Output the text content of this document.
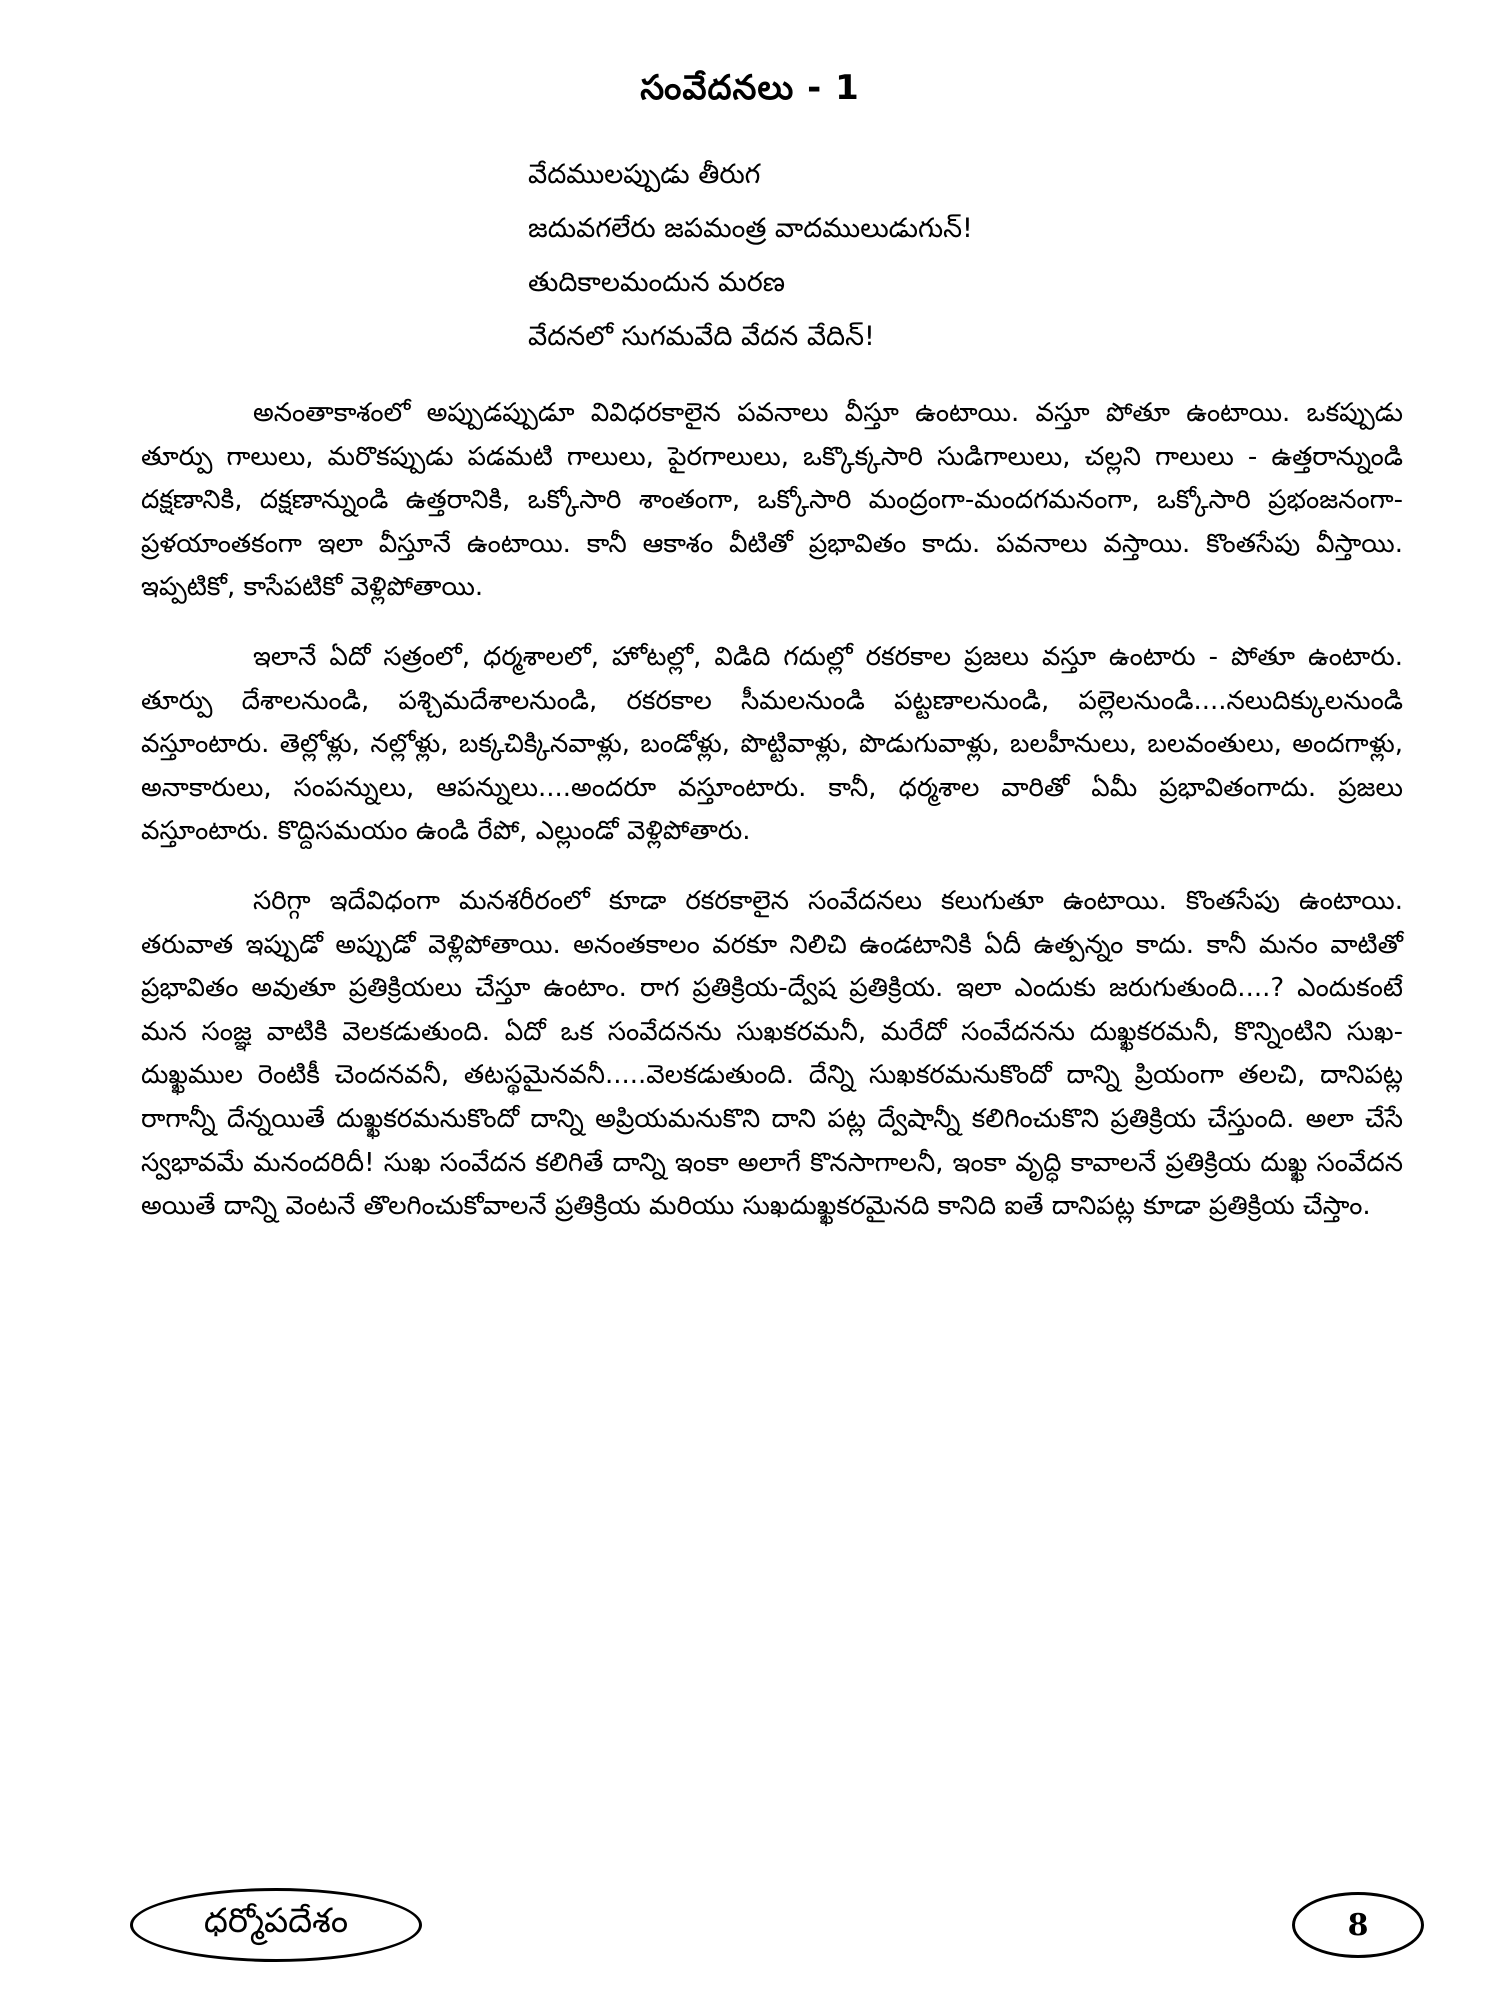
సంవేదనలు - 1
వేదములప్పుడు తీరుగ
జదువగలేరు జపమంత్ర వాదములుడుగున్!
తుదికాలమందున మరణ
వేదనలో సుగమవేది వేదన వేదిన్!

అనంతాకాశంలో అప్పుడప్పుడూ వివిధరకాలైన పవనాలు వీస్తూ ఉంటాయి. వస్తూ పోతూ ఉంటాయి. ఒకప్పుడు తూర్పు గాలులు, మరొకప్పుడు పడమటి గాలులు, పైరగాలులు, ఒక్కొక్కసారి సుడిగాలులు, చల్లని గాలులు - ఉత్తరాన్నుండి దక్షణానికి, దక్షణాన్నుండి ఉత్తరానికి, ఒక్కోసారి శాంతంగా, ఒక్కోసారి మంద్రంగా-మందగమనంగా, ఒక్కోసారి ప్రభంజనంగా-ప్రళయాంతకంగా ఇలా వీస్తూనే ఉంటాయి. కానీ ఆకాశం వీటితో ప్రభావితం కాదు. పవనాలు వస్తాయి. కొంతసేపు వీస్తాయి. ఇప్పటికో, కాసేపటికో వెళ్లిపోతాయి.

ఇలానే ఏదో సత్రంలో, ధర్మశాలలో, హోటల్లో, విడిది గదుల్లో రకరకాల ప్రజలు వస్తూ ఉంటారు - పోతూ ఉంటారు. తూర్పు దేశాలనుండి, పశ్చిమదేశాలనుండి, రకరకాల సీమలనుండి పట్టణాలనుండి, పల్లెలనుండి....నలుదిక్కులనుండి వస్తూంటారు. తెల్లోళ్లు, నల్లోళ్లు, బక్కచిక్కినవాళ్లు, బండోళ్లు, పొట్టివాళ్లు, పొడుగువాళ్లు, బలహీనులు, బలవంతులు, అందగాళ్లు, అనాకారులు, సంపన్నులు, ఆపన్నులు....అందరూ వస్తూంటారు. కానీ, ధర్మశాల వారితో ఏమీ ప్రభావితంగాదు. ప్రజలు వస్తూంటారు. కొద్దిసమయం ఉండి రేపో, ఎల్లుండో వెళ్లిపోతారు.

సరిగ్గా ఇదేవిధంగా మనశరీరంలో కూడా రకరకాలైన సంవేదనలు కలుగుతూ ఉంటాయి. కొంతసేపు ఉంటాయి. తరువాత ఇప్పుడో అప్పుడో వెళ్లిపోతాయి. అనంతకాలం వరకూ నిలిచి ఉండటానికి ఏదీ ఉత్పన్నం కాదు. కానీ మనం వాటితో ప్రభావితం అవుతూ ప్రతిక్రియలు చేస్తూ ఉంటాం. రాగ ప్రతిక్రియ-ద్వేష ప్రతిక్రియ. ఇలా ఎందుకు జరుగుతుంది....? ఎందుకంటే మన సంజ్ఞ వాటికి వెలకడుతుంది. ఏదో ఒక సంవేదనను సుఖకరమనీ, మరేదో సంవేదనను దుఖ్ఖకరమనీ, కొన్నింటిని సుఖ-దుఖ్ఖముల రెంటికీ చెందనవనీ, తటస్థమైనవనీ.....వెలకడుతుంది. దేన్ని సుఖకరమనుకొందో దాన్ని ప్రియంగా తలచి, దానిపట్ల రాగాన్నీ దేన్నయితే దుఖ్ఖకరమనుకొందో దాన్ని అప్రియమనుకొని దాని పట్ల ద్వేషాన్నీ కలిగించుకొని ప్రతిక్రియ చేస్తుంది. అలా చేసే స్వభావమే మనందరిదీ! సుఖ సంవేదన కలిగితే దాన్ని ఇంకా అలాగే కొనసాగాలనీ, ఇంకా వృద్ధి కావాలనే ప్రతిక్రియ దుఖ్ఖ సంవేదన అయితే దాన్ని వెంటనే తొలగించుకోవాలనే ప్రతిక్రియ మరియు సుఖదుఖ్ఖకరమైనది కానిది ఐతే దానిపట్ల కూడా ప్రతిక్రియ చేస్తాం.

ధర్మోపదేశం	8
